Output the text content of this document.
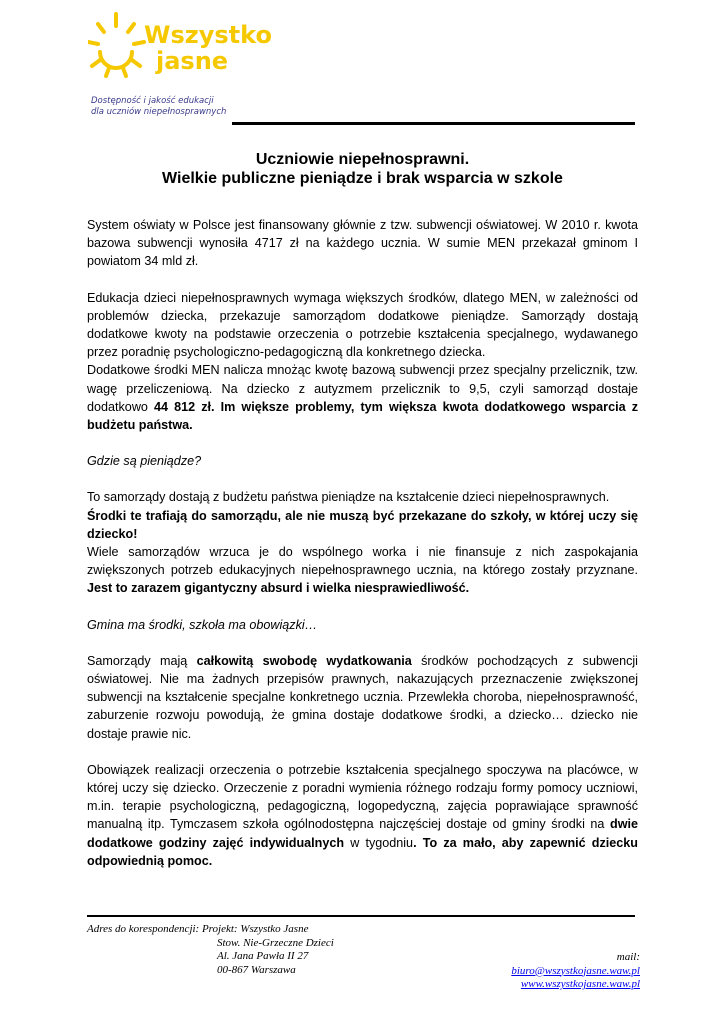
Wszystko
jasne
Dostępność i jakość edukacji
dla uczniów niepełnosprawnych
Uczniowie niepełnosprawni.
Wielkie publiczne pieniądze i brak wsparcia w szkole

System oświaty w Polsce jest finansowany głównie z tzw. subwencji oświatowej. W 2010 r. kwota bazowa subwencji wynosiła 4717 zł na każdego ucznia. W sumie MEN przekazał gminom I powiatom 34 mld zł.

Edukacja dzieci niepełnosprawnych wymaga większych środków, dlatego MEN, w zależności od problemów dziecka, przekazuje samorządom dodatkowe pieniądze. Samorządy dostają dodatkowe kwoty na podstawie orzeczenia o potrzebie kształcenia specjalnego, wydawanego przez poradnię psychologiczno-pedagogiczną dla konkretnego dziecka.

Dodatkowe środki MEN nalicza mnożąc kwotę bazową subwencji przez specjalny przelicznik, tzw. wagę przeliczeniową. Na dziecko z autyzmem przelicznik to 9,5, czyli samorząd dostaje dodatkowo 44 812 zł. Im większe problemy, tym większa kwota dodatkowego wsparcia z budżetu państwa.

Gdzie są pieniądze?

To samorządy dostają z budżetu państwa pieniądze na kształcenie dzieci niepełnosprawnych.
Środki te trafiają do samorządu, ale nie muszą być przekazane do szkoły, w której uczy się dziecko!

Wiele samorządów wrzuca je do wspólnego worka i nie finansuje z nich zaspokajania zwiększonych potrzeb edukacyjnych niepełnosprawnego ucznia, na którego zostały przyznane. Jest to zarazem gigantyczny absurd i wielka niesprawiedliwość.

Gmina ma środki, szkoła ma obowiązki…

Samorządy mają całkowitą swobodę wydatkowania środków pochodzących z subwencji oświatowej. Nie ma żadnych przepisów prawnych, nakazujących przeznaczenie zwiększonej subwencji na kształcenie specjalne konkretnego ucznia. Przewlekła choroba, niepełnosprawność, zaburzenie rozwoju powodują, że gmina dostaje dodatkowe środki, a dziecko… dziecko nie dostaje prawie nic.

Obowiązek realizacji orzeczenia o potrzebie kształcenia specjalnego spoczywa na placówce, w której uczy się dziecko. Orzeczenie z poradni wymienia różnego rodzaju formy pomocy uczniowi, m.in. terapie psychologiczną, pedagogiczną, logopedyczną, zajęcia poprawiające sprawność manualną itp. Tymczasem szkoła ogólnodostępna najczęściej dostaje od gminy środki na dwie dodatkowe godziny zajęć indywidualnych w tygodniu. To za mało, aby zapewnić dziecku odpowiednią pomoc.

Adres do korespondencji: Projekt: Wszystko Jasne
Stow. Nie-Grzeczne Dzieci
Al. Jana Pawła II 27
00-867 Warszawa
mail:
biuro@wszystkojasne.waw.pl
www.wszystkojasne.waw.pl
